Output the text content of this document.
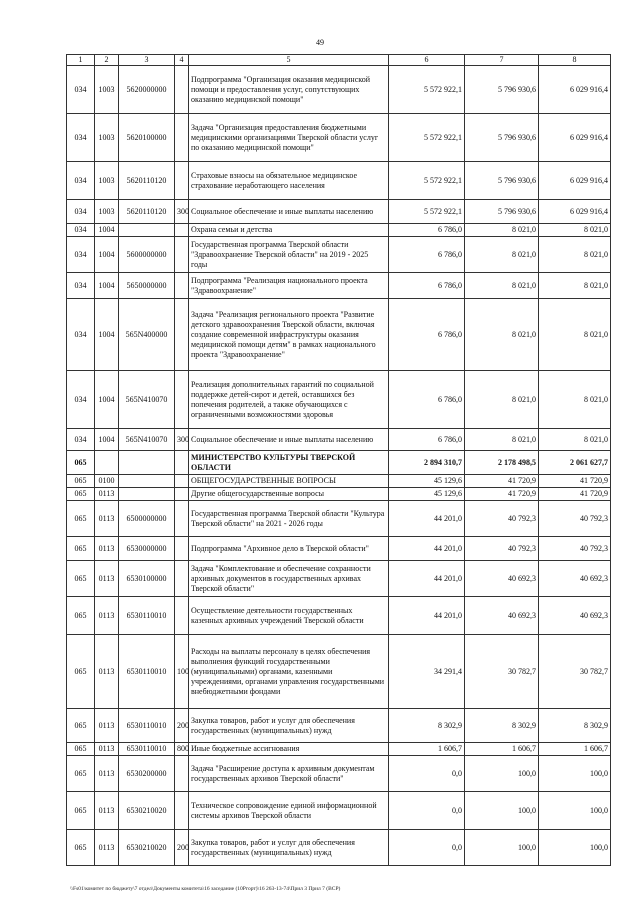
49
1	2	3	4	5	6	7	8
034	1003	5620000000		Подпрограмма "Организация оказания медицинской помощи и предоставления услуг, сопутствующих оказанию медицинской помощи"	5 572 922,1	5 796 930,6	6 029 916,4
034	1003	5620100000		Задача "Организация предоставления бюджетными медицинскими организациями Тверской области услуг по оказанию медицинской помощи"	5 572 922,1	5 796 930,6	6 029 916,4
034	1003	5620110120		Страховые взносы на обязательное медицинское страхование неработающего населения	5 572 922,1	5 796 930,6	6 029 916,4
034	1003	5620110120	300	Социальное обеспечение и иные выплаты населению	5 572 922,1	5 796 930,6	6 029 916,4
034	1004			Охрана семьи и детства	6 786,0	8 021,0	8 021,0
034	1004	5600000000		Государственная программа Тверской области "Здравоохранение Тверской области" на 2019 - 2025 годы	6 786,0	8 021,0	8 021,0
034	1004	5650000000		Подпрограмма "Реализация национального проекта "Здравоохранение"	6 786,0	8 021,0	8 021,0
034	1004	565N400000		Задача "Реализация регионального проекта "Развитие детского здравоохранения Тверской области, включая создание современной инфраструктуры оказания медицинской помощи детям" в рамках национального проекта "Здравоохранение"	6 786,0	8 021,0	8 021,0
034	1004	565N410070		Реализация дополнительных гарантий по социальной поддержке детей-сирот и детей, оставшихся без попечения родителей, а также обучающихся с ограниченными возможностями здоровья	6 786,0	8 021,0	8 021,0
034	1004	565N410070	300	Социальное обеспечение и иные выплаты населению	6 786,0	8 021,0	8 021,0
065				МИНИСТЕРСТВО КУЛЬТУРЫ ТВЕРСКОЙ ОБЛАСТИ	2 894 310,7	2 178 498,5	2 061 627,7
065	0100			ОБЩЕГОСУДАРСТВЕННЫЕ ВОПРОСЫ	45 129,6	41 720,9	41 720,9
065	0113			Другие общегосударственные вопросы	45 129,6	41 720,9	41 720,9
065	0113	6500000000		Государственная программа Тверской области "Культура Тверской области" на 2021 - 2026 годы	44 201,0	40 792,3	40 792,3
065	0113	6530000000		Подпрограмма "Архивное дело в Тверской области"	44 201,0	40 792,3	40 792,3
065	0113	6530100000		Задача "Комплектование и обеспечение сохранности архивных документов в государственных архивах Тверской области"	44 201,0	40 692,3	40 692,3
065	0113	6530110010		Осуществление деятельности государственных казенных архивных учреждений Тверской области	44 201,0	40 692,3	40 692,3
065	0113	6530110010	100	Расходы на выплаты персоналу в целях обеспечения выполнения функций государственными (муниципальными) органами, казенными учреждениями, органами управления государственными внебюджетными фондами	34 291,4	30 782,7	30 782,7
065	0113	6530110010	200	Закупка товаров, работ и услуг для обеспечения государственных (муниципальных) нужд	8 302,9	8 302,9	8 302,9
065	0113	6530110010	800	Иные бюджетные ассигнования	1 606,7	1 606,7	1 606,7
065	0113	6530200000		Задача "Расширение доступа к архивным документам государственных архивов Тверской области"	0,0	100,0	100,0
065	0113	6530210020		Техническое сопровождение единой информационной системы архивов Тверской области	0,0	100,0	100,0
065	0113	6530210020	200	Закупка товаров, работ и услуг для обеспечения государственных (муниципальных) нужд	0,0	100,0	100,0
\\Fs01\комитет по бюджету\7 отдел\Документы комитета\16 заседание (10Ргорт)\16 263-13-74\Прил 3 Прил 7 (ВСР)
